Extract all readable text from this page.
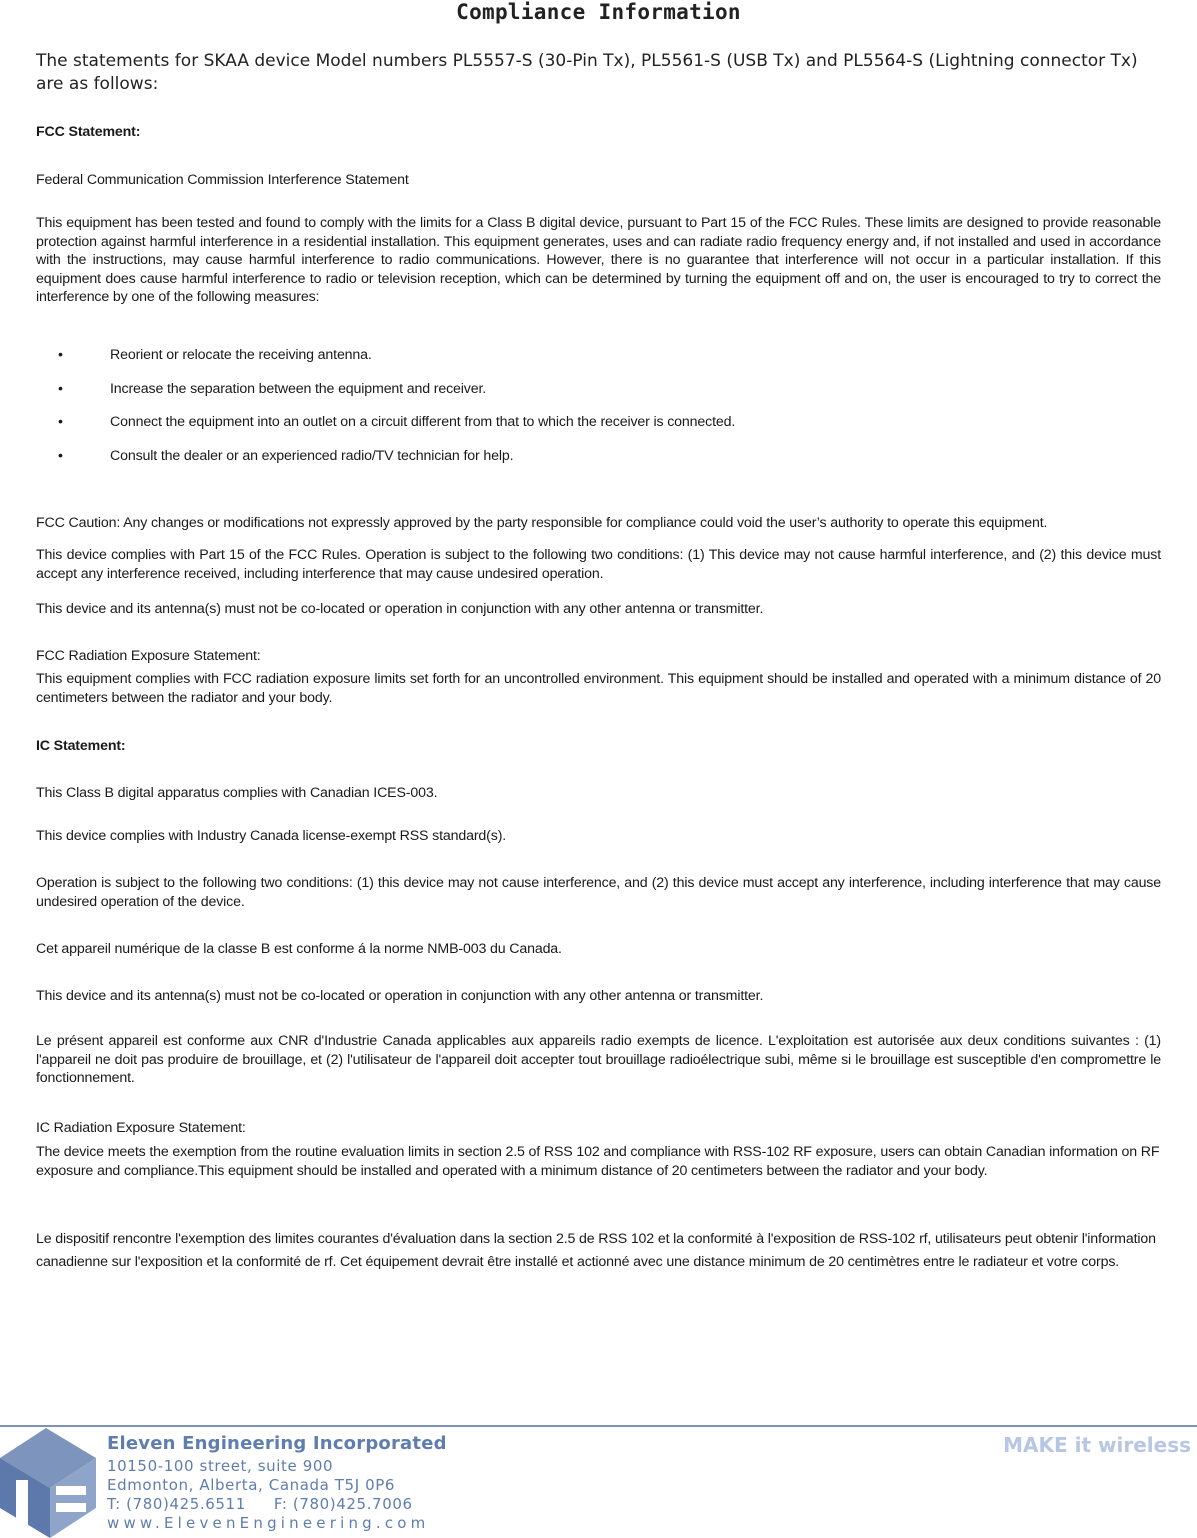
Compliance Information
The statements for SKAA device Model numbers PL5557-S (30-Pin Tx), PL5561-S (USB Tx) and PL5564-S (Lightning connector Tx) are as follows:
FCC Statement:
Federal Communication Commission Interference Statement
This equipment has been tested and found to comply with the limits for a Class B digital device, pursuant to Part 15 of the FCC Rules. These limits are designed to provide reasonable protection against harmful interference in a residential installation. This equipment generates, uses and can radiate radio frequency energy and, if not installed and used in accordance with the instructions, may cause harmful interference to radio communications. However, there is no guarantee that interference will not occur in a particular installation. If this equipment does cause harmful interference to radio or television reception, which can be determined by turning the equipment off and on, the user is encouraged to try to correct the interference by one of the following measures:
•	Reorient or relocate the receiving antenna.
•	Increase the separation between the equipment and receiver.
•	Connect the equipment into an outlet on a circuit different from that to which the receiver is connected.
•	Consult the dealer or an experienced radio/TV technician for help.
FCC Caution: Any changes or modifications not expressly approved by the party responsible for compliance could void the user’s authority to operate this equipment.
This device complies with Part 15 of the FCC Rules. Operation is subject to the following two conditions: (1) This device may not cause harmful interference, and (2) this device must accept any interference received, including interference that may cause undesired operation.
This device and its antenna(s) must not be co-located or operation in conjunction with any other antenna or transmitter.
FCC Radiation Exposure Statement:
This equipment complies with FCC radiation exposure limits set forth for an uncontrolled environment. This equipment should be installed and operated with a minimum distance of 20 centimeters between the radiator and your body.
IC Statement:
This Class B digital apparatus complies with Canadian ICES-003.
This device complies with Industry Canada license-exempt RSS standard(s).
Operation is subject to the following two conditions: (1) this device may not cause interference, and (2) this device must accept any interference, including interference that may cause undesired operation of the device.
Cet appareil numérique de la classe B est conforme á la norme NMB-003 du Canada.
This device and its antenna(s) must not be co-located or operation in conjunction with any other antenna or transmitter.
Le présent appareil est conforme aux CNR d'Industrie Canada applicables aux appareils radio exempts de licence. L'exploitation est autorisée aux deux conditions suivantes : (1) l'appareil ne doit pas produire de brouillage, et (2) l'utilisateur de l'appareil doit accepter tout brouillage radioélectrique subi, même si le brouillage est susceptible d'en compromettre le fonctionnement.
IC Radiation Exposure Statement:
The device meets the exemption from the routine evaluation limits in section 2.5 of RSS 102 and compliance with RSS-102 RF exposure, users can obtain Canadian information on RF exposure and compliance.This equipment should be installed and operated with a minimum distance of 20 centimeters between the radiator and your body.
Le dispositif rencontre l'exemption des limites courantes d'évaluation dans la section 2.5 de RSS 102 et la conformité à l'exposition de RSS-102 rf, utilisateurs peut obtenir l'information canadienne sur l'exposition et la conformité de rf. Cet équipement devrait être installé et actionné avec une distance minimum de 20 centimètres entre le radiateur et votre corps.
Eleven Engineering Incorporated
10150-100 street, suite 900
Edmonton, Alberta, Canada T5J 0P6
T: (780)425.6511 F: (780)425.7006
www.ElevenEngineering.com
MAKE it wireless
